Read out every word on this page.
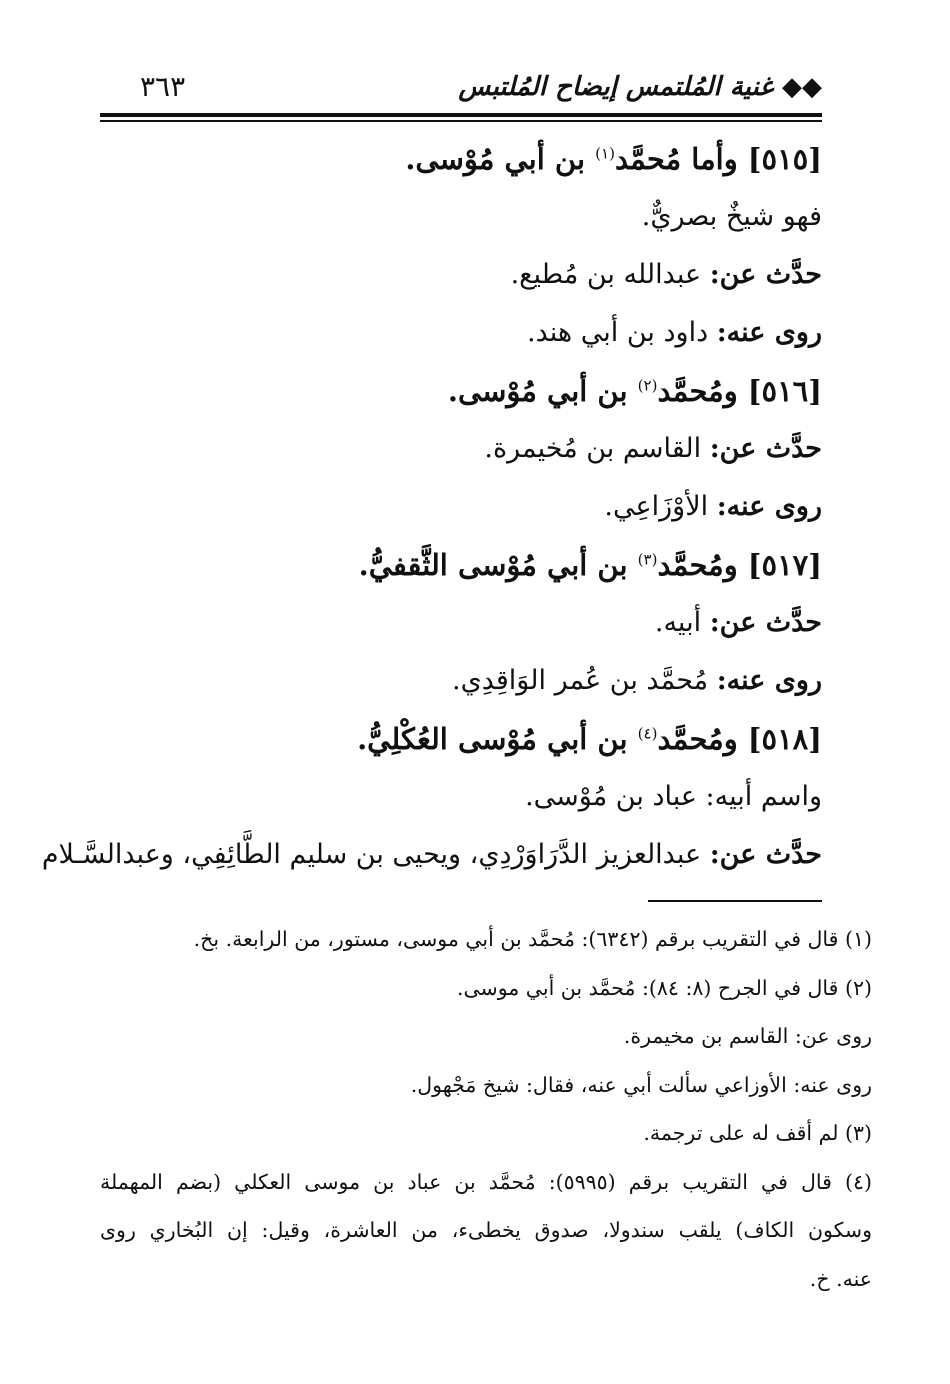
◆◆ غنية المُلتمس إيضاح المُلتبس
٣٦٣
[٥١٥] وأما مُحمَّد$^{(١)}$ بن أبي مُوْسى.
فهو شيخٌ بصريٌّ.
حدَّث عن: عبدالله بن مُطيع.
روى عنه: داود بن أبي هند.
[٥١٦] ومُحمَّد$^{(٢)}$ بن أبي مُوْسى.
حدَّث عن: القاسم بن مُخيمرة.
روى عنه: الأوْزَاعِي.
[٥١٧] ومُحمَّد$^{(٣)}$ بن أبي مُوْسى الثَّقفيُّ.
حدَّث عن: أبيه.
روى عنه: مُحمَّد بن عُمر الوَاقِدِي.
[٥١٨] ومُحمَّد$^{(٤)}$ بن أبي مُوْسى العُكْلِيُّ.
واسم أبيه: عباد بن مُوْسى.
حدَّث عن: عبدالعزيز الدَّرَاوَرْدِي، ويحيى بن سليم الطَّائِفِي، وعبدالسَّـلام
(١) قال في التقريب برقم (٦٣٤٢): مُحمَّد بن أبي موسى، مستور، من الرابعة. بخ.
(٢) قال في الجرح (٨: ٨٤): مُحمَّد بن أبي موسى.
روى عن: القاسم بن مخيمرة.
روى عنه: الأوزاعي سألت أبي عنه، فقال: شيخ مَجْهول.
(٣) لم أقف له على ترجمة.
(٤) قال في التقريب برقم (٥٩٩٥): مُحمَّد بن عباد بن موسى العكلي (بضم المهملة
وسكون الكاف) يلقب سندولا، صدوق يخطىء، من العاشرة، وقيل: إن البُخاري روى
عنه. خ.
